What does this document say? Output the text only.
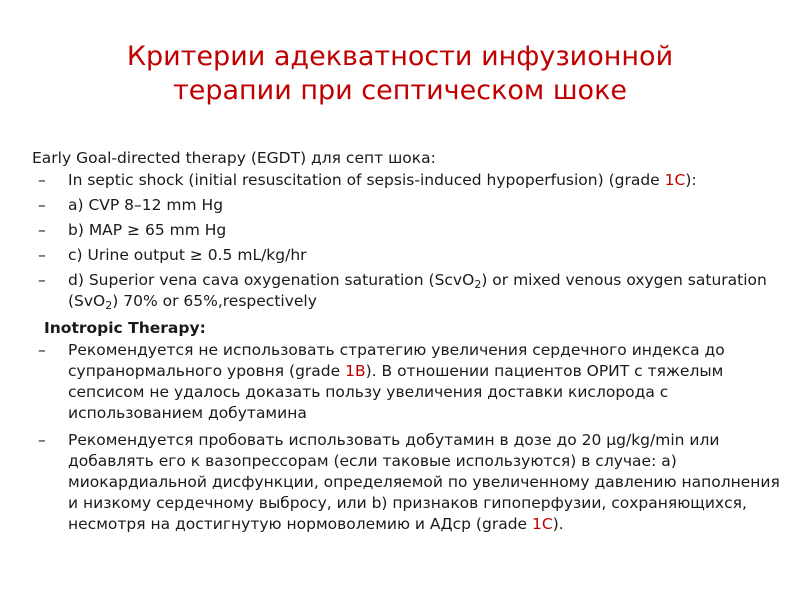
Критерии адекватности инфузионной
терапии при септическом шоке
Early Goal-directed therapy (EGDT) для септ шока:
– In septic shock (initial resuscitation of sepsis-induced hypoperfusion) (grade 1C):
– a) CVP 8–12 mm Hg
– b) MAP ≥ 65 mm Hg
– c) Urine output ≥ 0.5 mL/kg/hr
– d) Superior vena cava oxygenation saturation (ScvO$_2$) or mixed venous oxygen saturation (SvO$_2$) 70% or 65%,respectively
Inotropic Therapy:
– Рекомендуется не использовать стратегию увеличения сердечного индекса до супранормального уровня (grade 1B). В отношении пациентов ОРИТ с тяжелым сепсисом не удалось доказать пользу увеличения доставки кислорода с использованием добутамина
– Рекомендуется пробовать использовать добутамин в дозе до 20 µg/kg/min или добавлять его к вазопрессорам (если таковые используются) в случае: а) миокардиальной дисфункции, определяемой по увеличенному давлению наполнения и низкому сердечному выбросу, или b) признаков гипоперфузии, сохраняющихся, несмотря на достигнутую нормоволемию и АДср (grade 1C).
